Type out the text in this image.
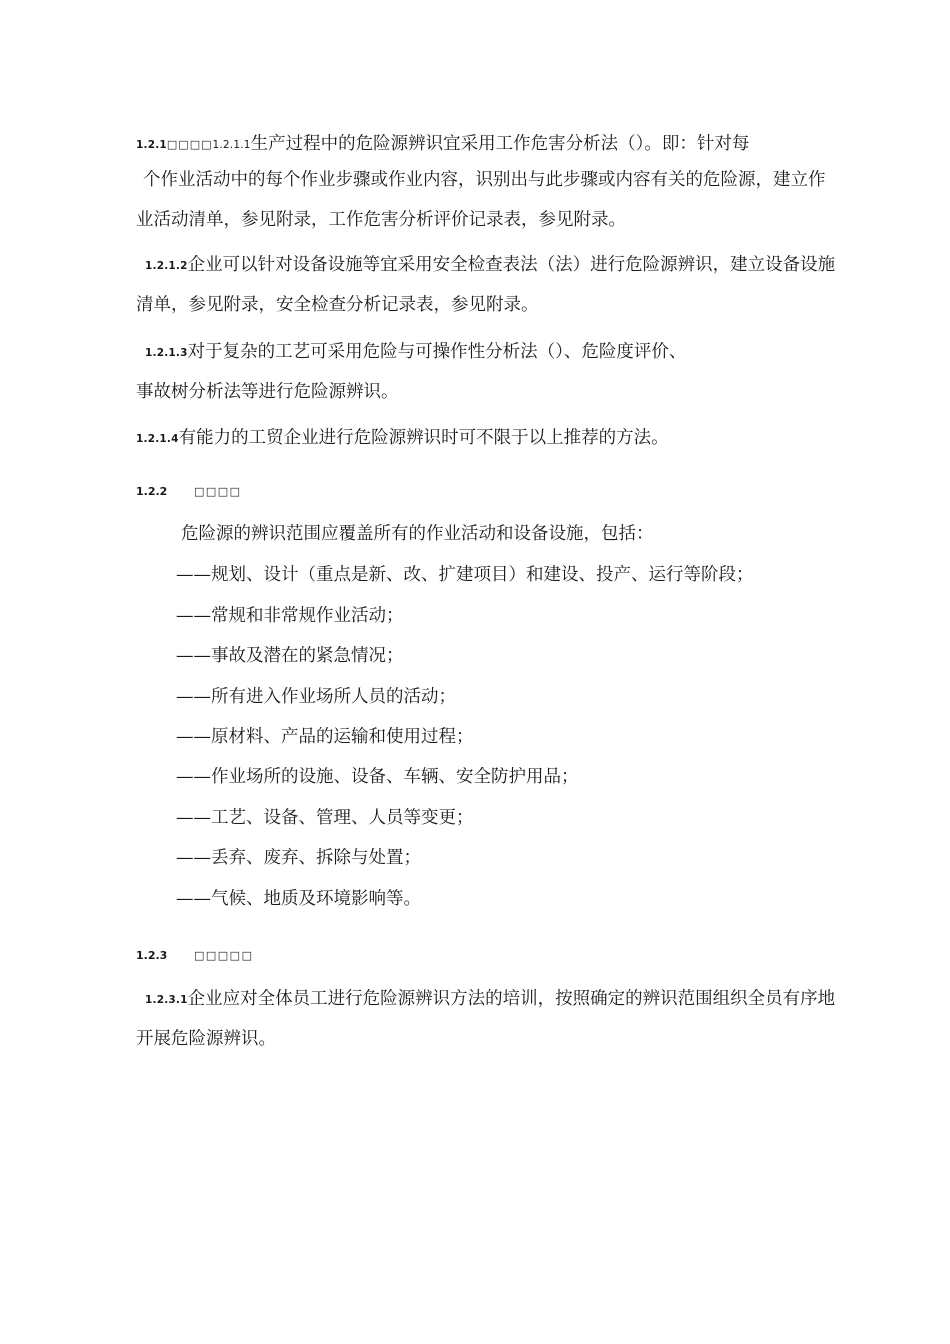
1.2.1□□□□1.2.1.1生产过程中的危险源辨识宜采用工作危害分析法（）。即：针对每
个作业活动中的每个作业步骤或作业内容，识别出与此步骤或内容有关的危险源，建立作
业活动清单，参见附录，工作危害分析评价记录表，参见附录。
1.2.1.2企业可以针对设备设施等宜采用安全检查表法（法）进行危险源辨识，建立设备设施
清单，参见附录，安全检查分析记录表，参见附录。
1.2.1.3对于复杂的工艺可采用危险与可操作性分析法（）、危险度评价、
事故树分析法等进行危险源辨识。
1.2.1.4有能力的工贸企业进行危险源辨识时可不限于以上推荐的方法。
1.2.2 □□□□
危险源的辨识范围应覆盖所有的作业活动和设备设施，包括：
——规划、设计（重点是新、改、扩建项目）和建设、投产、运行等阶段；
——常规和非常规作业活动；
——事故及潜在的紧急情况；
——所有进入作业场所人员的活动；
——原材料、产品的运输和使用过程；
——作业场所的设施、设备、车辆、安全防护用品；
——工艺、设备、管理、人员等变更；
——丢弃、废弃、拆除与处置；
——气候、地质及环境影响等。
1.2.3 □□□□□
1.2.3.1企业应对全体员工进行危险源辨识方法的培训，按照确定的辨识范围组织全员有序地
开展危险源辨识。
